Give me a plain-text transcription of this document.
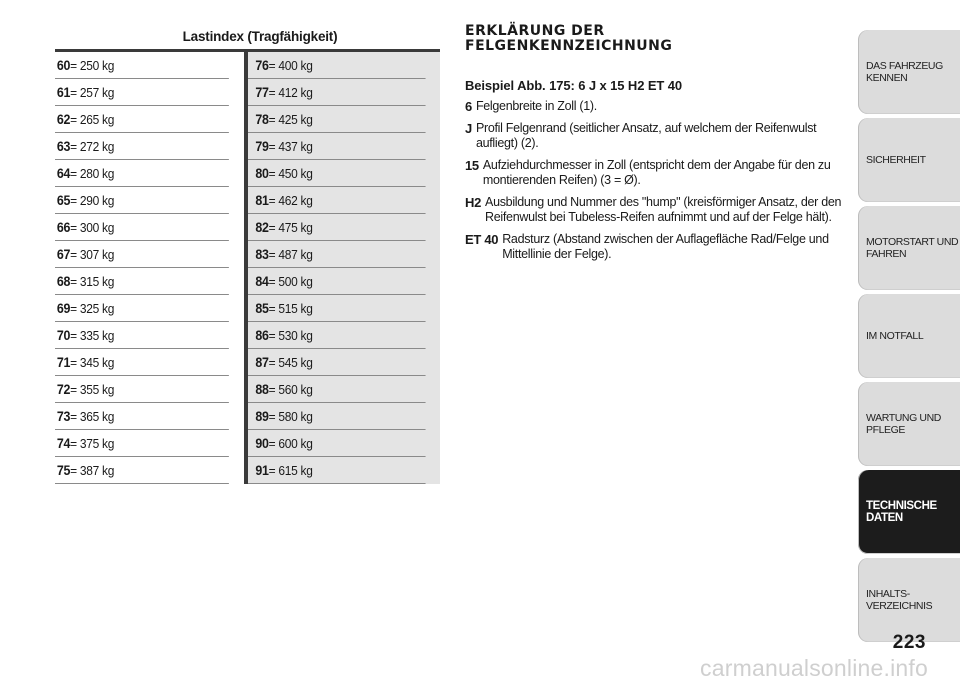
Lastindex (Tragfähigkeit)
60= 250 kg
61= 257 kg
62= 265 kg
63= 272 kg
64= 280 kg
65= 290 kg
66= 300 kg
67= 307 kg
68= 315 kg
69= 325 kg
70= 335 kg
71= 345 kg
72= 355 kg
73= 365 kg
74= 375 kg
75= 387 kg
76= 400 kg
77= 412 kg
78= 425 kg
79= 437 kg
80= 450 kg
81= 462 kg
82= 475 kg
83= 487 kg
84= 500 kg
85= 515 kg
86= 530 kg
87= 545 kg
88= 560 kg
89= 580 kg
90= 600 kg
91= 615 kg
ERKLÄRUNG DER
FELGENKENNZEICHNUNG
Beispiel Abb. 175: 6 J x 15 H2 ET 40
6 Felgenbreite in Zoll (1).
J Profil Felgenrand (seitlicher Ansatz, auf welchem der Reifenwulst aufliegt) (2).
15 Aufziehdurchmesser in Zoll (entspricht dem der Angabe für den zu montierenden Reifen) (3 = Ø).
H2 Ausbildung und Nummer des "hump" (kreisförmiger Ansatz, der den Reifenwulst bei Tubeless-Reifen aufnimmt und auf der Felge hält).
ET 40 Radsturz (Abstand zwischen der Auflagefläche Rad/Felge und Mittellinie der Felge).
DAS FAHRZEUG
KENNEN
SICHERHEIT
MOTORSTART UND
FAHREN
IM NOTFALL
WARTUNG UND
PFLEGE
TECHNISCHE
DATEN
INHALTS-
VERZEICHNIS
223
carmanualsonline.info
